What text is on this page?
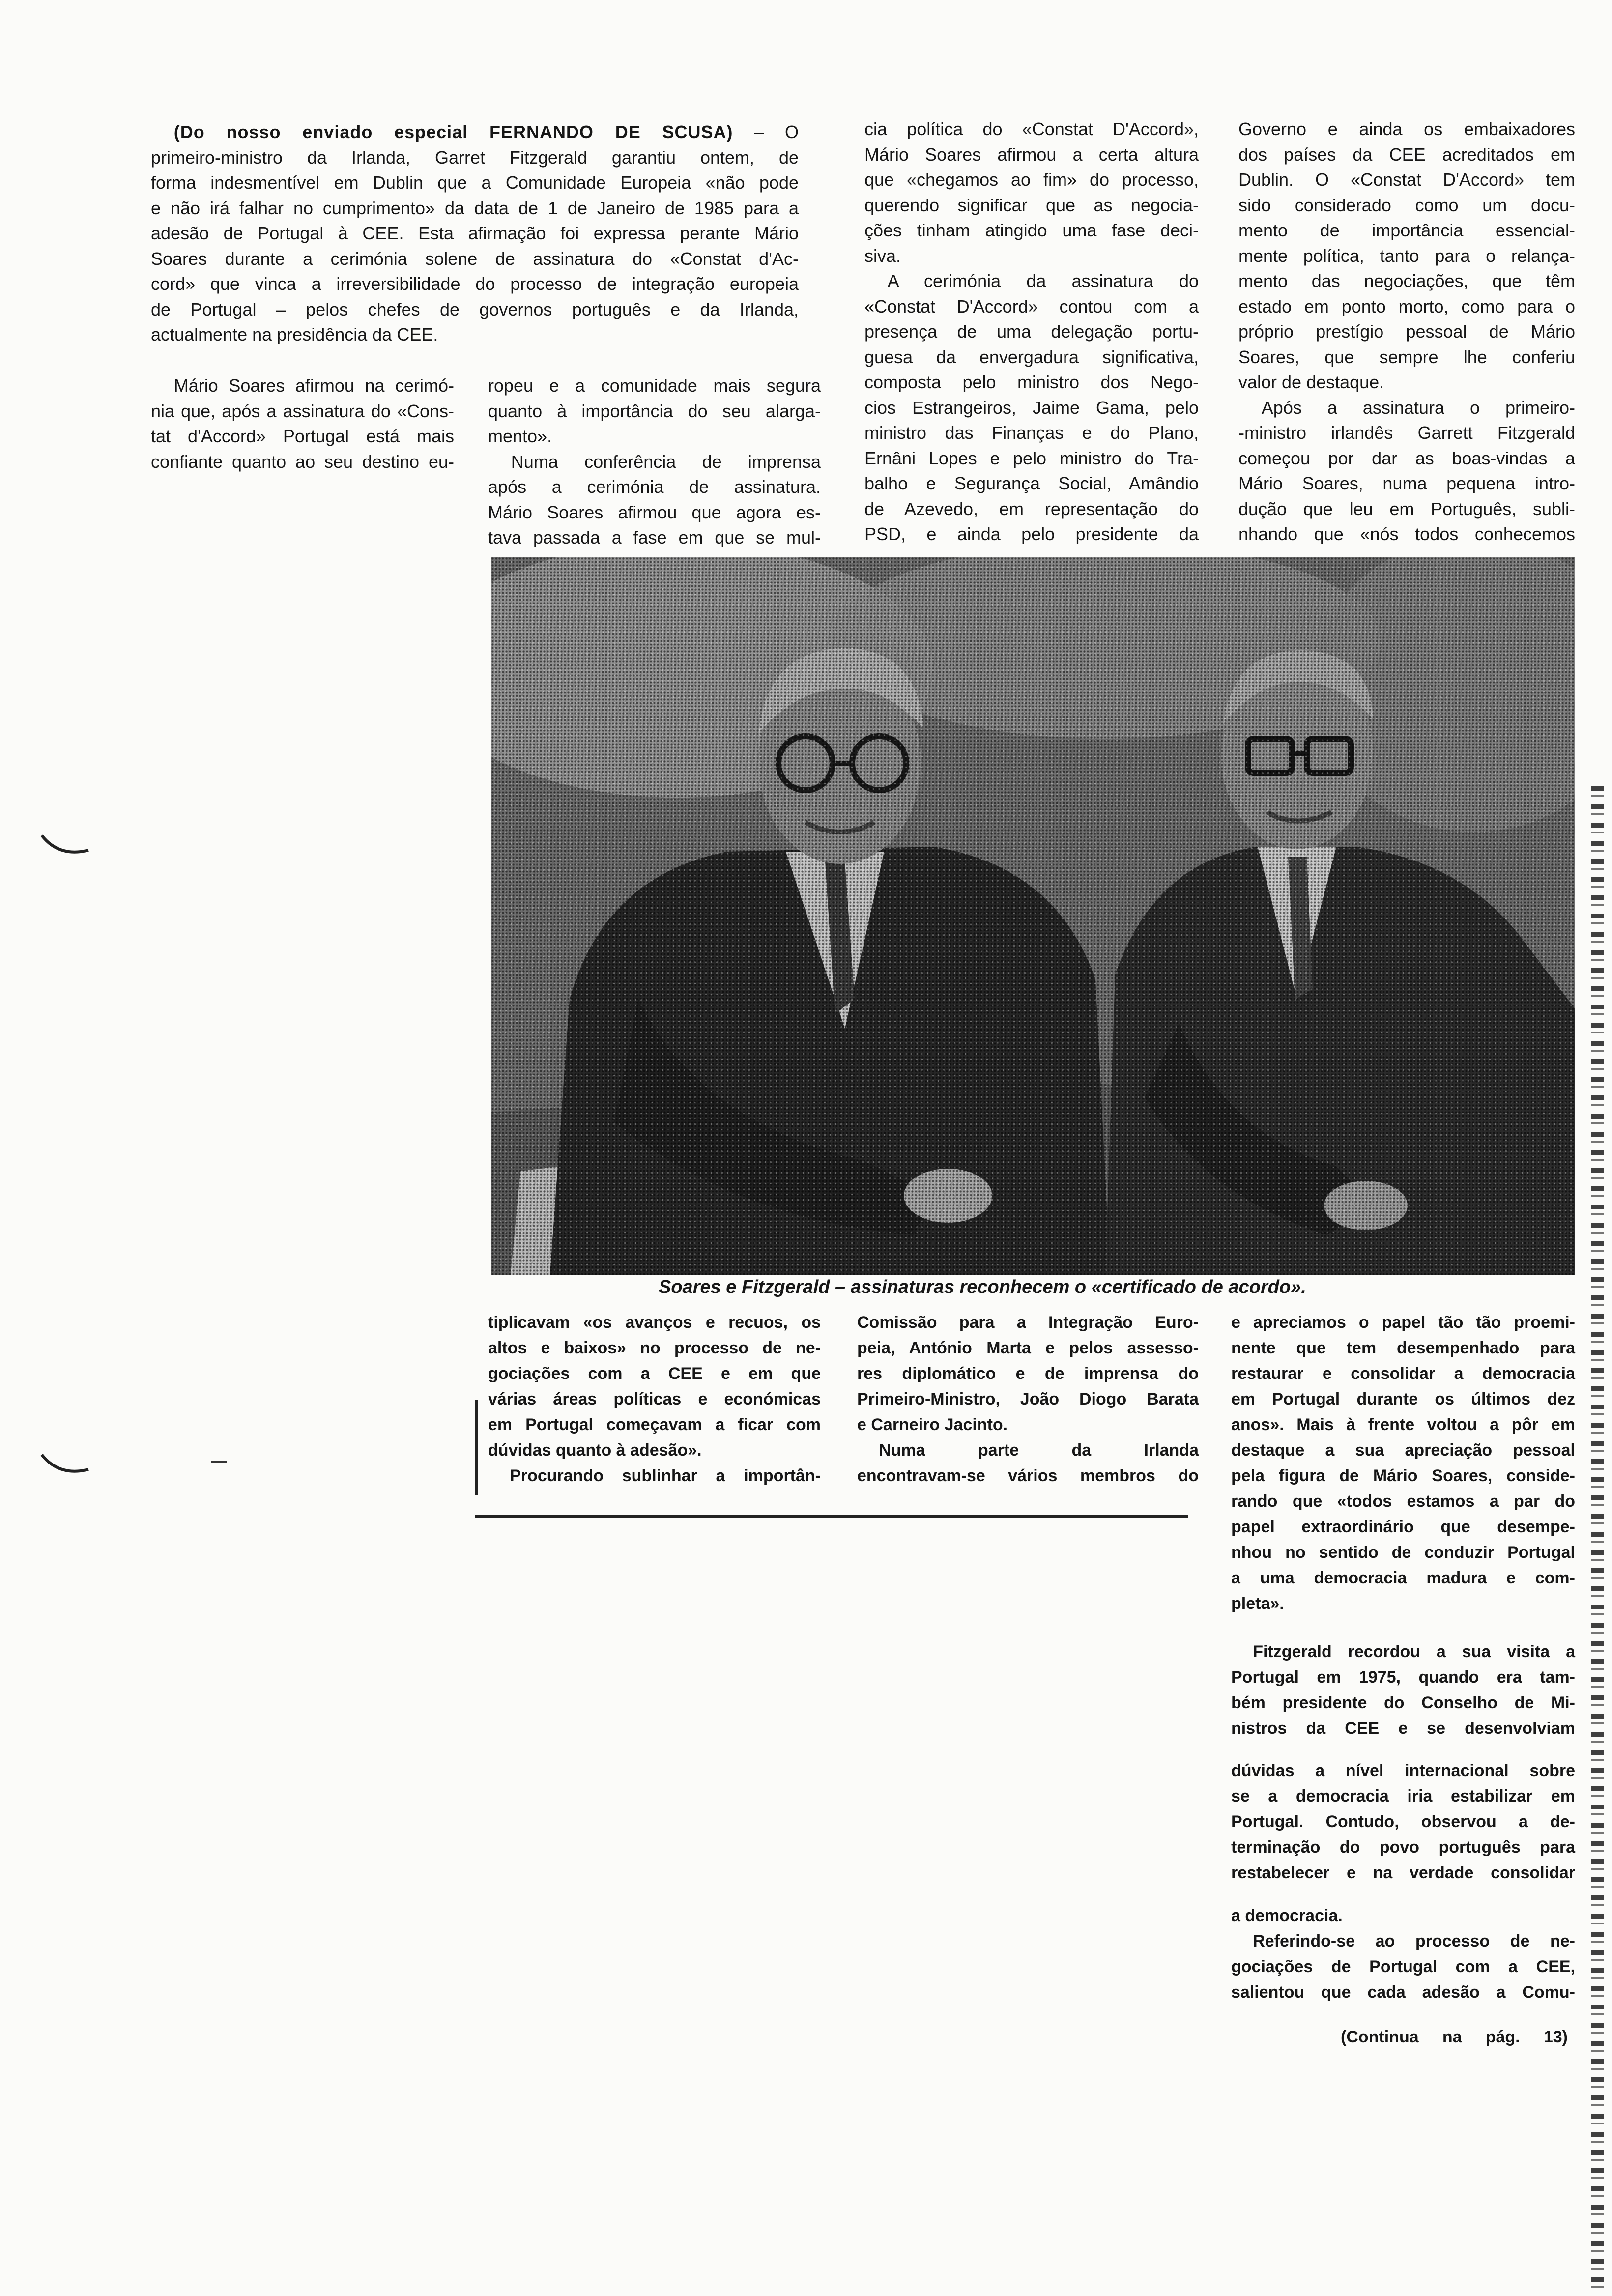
(Do nosso enviado especial FERNANDO DE SCUSA) – O
primeiro-ministro da Irlanda, Garret Fitzgerald garantiu ontem, de
forma indesmentível em Dublin que a Comunidade Europeia «não pode
e não irá falhar no cumprimento» da data de 1 de Janeiro de 1985 para a
adesão de Portugal à CEE. Esta afirmação foi expressa perante Mário
Soares durante a cerimónia solene de assinatura do «Constat d'Ac-
cord» que vinca a irreversibilidade do processo de integração europeia
de Portugal – pelos chefes de governos português e da Irlanda,
actualmente na presidência da CEE.
Mário Soares afirmou na cerimó-
nia que, após a assinatura do «Cons-
tat d'Accord» Portugal está mais
confiante quanto ao seu destino eu-
ropeu e a comunidade mais segura
quanto à importância do seu alarga-
mento».
Numa conferência de imprensa
após a cerimónia de assinatura.
Mário Soares afirmou que agora es-
tava passada a fase em que se mul-
cia política do «Constat D'Accord»,
Mário Soares afirmou a certa altura
que «chegamos ao fim» do processo,
querendo significar que as negocia-
ções tinham atingido uma fase deci-
siva.
A cerimónia da assinatura do
«Constat D'Accord» contou com a
presença de uma delegação portu-
guesa da envergadura significativa,
composta pelo ministro dos Nego-
cios Estrangeiros, Jaime Gama, pelo
ministro das Finanças e do Plano,
Ernâni Lopes e pelo ministro do Tra-
balho e Segurança Social, Amândio
de Azevedo, em representação do
PSD, e ainda pelo presidente da
Governo e ainda os embaixadores
dos países da CEE acreditados em
Dublin. O «Constat D'Accord» tem
sido considerado como um docu-
mento de importância essencial-
mente política, tanto para o relança-
mento das negociações, que têm
estado em ponto morto, como para o
próprio prestígio pessoal de Mário
Soares, que sempre lhe conferiu
valor de destaque.
Após a assinatura o primeiro-
-ministro irlandês Garrett Fitzgerald
começou por dar as boas-vindas a
Mário Soares, numa pequena intro-
dução que leu em Português, subli-
nhando que «nós todos conhecemos
Soares e Fitzgerald – assinaturas reconhecem o «certificado de acordo».
tiplicavam «os avanços e recuos, os
altos e baixos» no processo de ne-
gociações com a CEE e em que
várias áreas políticas e económicas
em Portugal começavam a ficar com
dúvidas quanto à adesão».
Procurando sublinhar a importân-
Comissão para a Integração Euro-
peia, António Marta e pelos assesso-
res diplomático e de imprensa do
Primeiro-Ministro, João Diogo Barata
e Carneiro Jacinto.
Numa parte da Irlanda
encontravam-se vários membros do
e apreciamos o papel tão tão proemi-
nente que tem desempenhado para
restaurar e consolidar a democracia
em Portugal durante os últimos dez
anos». Mais à frente voltou a pôr em
destaque a sua apreciação pessoal
pela figura de Mário Soares, conside-
rando que «todos estamos a par do
papel extraordinário que desempe-
nhou no sentido de conduzir Portugal
a uma democracia madura e com-
pleta».
Fitzgerald recordou a sua visita a
Portugal em 1975, quando era tam-
bém presidente do Conselho de Mi-
nistros da CEE e se desenvolviam
dúvidas a nível internacional sobre
se a democracia iria estabilizar em
Portugal. Contudo, observou a de-
terminação do povo português para
restabelecer e na verdade consolidar
a democracia.
Referindo-se ao processo de ne-
gociações de Portugal com a CEE,
salientou que cada adesão a Comu-
(Continua na pág. 13)
